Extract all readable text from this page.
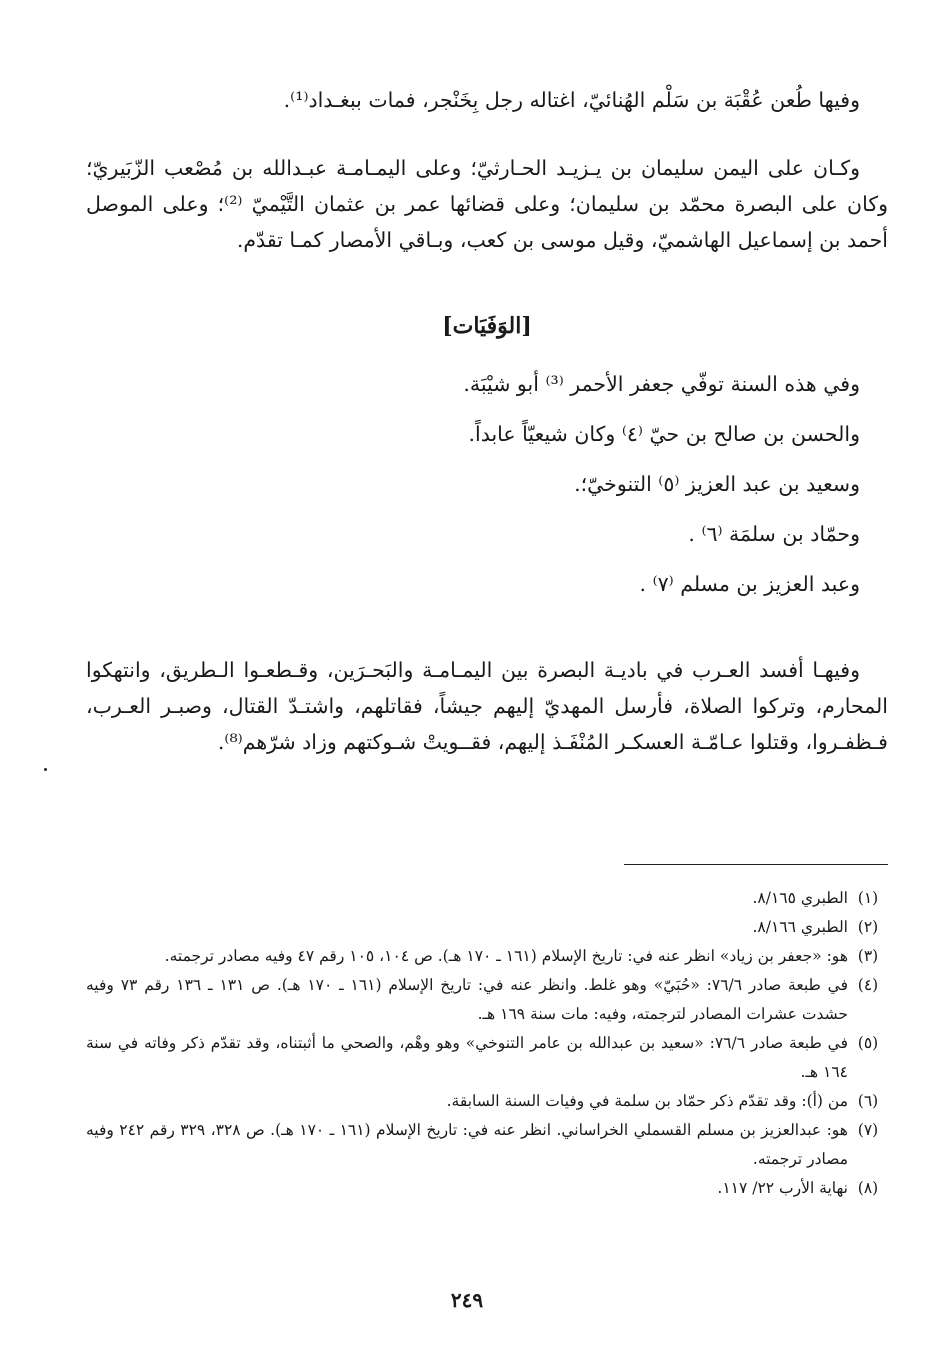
وفيها طُعن عُقْبَة بن سَلْم الهُنائيّ، اغتاله رجل بِخَنْجر، فمات ببغـداد⁽¹⁾.

وكـان على اليمن سليمان بن يـزيـد الحـارثيّ؛ وعلى اليمـامـة عبـدالله بن مُصْعب الزّبَيريّ؛ وكان على البصرة محمّد بن سليمان؛ وعلى قضائها عمر بن عثمان التَّيْميّ ⁽²⁾؛ وعلى الموصل أحمد بن إسماعيل الهاشميّ، وقيل موسى بن كعب، وبـاقي الأمصار كمـا تقدّم.

[الوَفَيَات]
وفي هذه السنة توفّي جعفر الأحمر ⁽³⁾ أبو شيْبَة.
والحسن بن صالح بن حيّ ⁽٤⁾ وكان شيعيّاً عابداً.
وسعيد بن عبد العزيز ⁽٥⁾ التنوخيّ؛.
وحمّاد بن سلمَة ⁽٦⁾ .
وعبد العزيز بن مسلم ⁽٧⁾ .

وفيهـا أفسد العـرب في باديـة البصرة بين اليمـامـة والبَحـرَين، وقـطعـوا الـطريق، وانتهكوا المحارم، وتركوا الصلاة، فأرسل المهديّ إليهم جيشاً، فقاتلهم، واشتـدّ القتال، وصبـر العـرب، فـظفـروا، وقتلوا عـامّـة العسكـر المُنْفَـذ إليهم، فقــويتْ شـوكتهم وزاد شرّهم⁽⁸⁾.

(١)
الطبري ٨/١٦٥.
(٢)
الطبري ٨/١٦٦.
(٣)
هو: «جعفر بن زياد» انظر عنه في: تاريخ الإسلام (١٦١ ـ ١٧٠ هـ). ص ١٠٤، ١٠٥ رقم ٤٧ وفيه مصادر ترجمته.
(٤)
في طبعة صادر ٧٦/٦: «حُبَيّ» وهو غلط. وانظر عنه في: تاريخ الإسلام (١٦١ ـ ١٧٠ هـ). ص ١٣١ ـ ١٣٦ رقم ٧٣ وفيه حشدت عشرات المصادر لترجمته، وفيه: مات سنة ١٦٩ هـ.
(٥)
في طبعة صادر ٧٦/٦: «سعيد بن عبدالله بن عامر التنوخي» وهو وهْم، والصحي ما أثبتناه، وقد تقدّم ذكر وفاته في سنة ١٦٤ هـ.
(٦)
من (أ): وقد تقدّم ذكر حمّاد بن سلمة في وفيات السنة السابقة.
(٧)
هو: عبدالعزيز بن مسلم القسملي الخراساني. انظر عنه في: تاريخ الإسلام (١٦١ ـ ١٧٠ هـ). ص ٣٢٨، ٣٢٩ رقم ٢٤٢ وفيه مصادر ترجمته.
(٨)
نهاية الأرب ٢٢/ ١١٧.
٢٤٩
